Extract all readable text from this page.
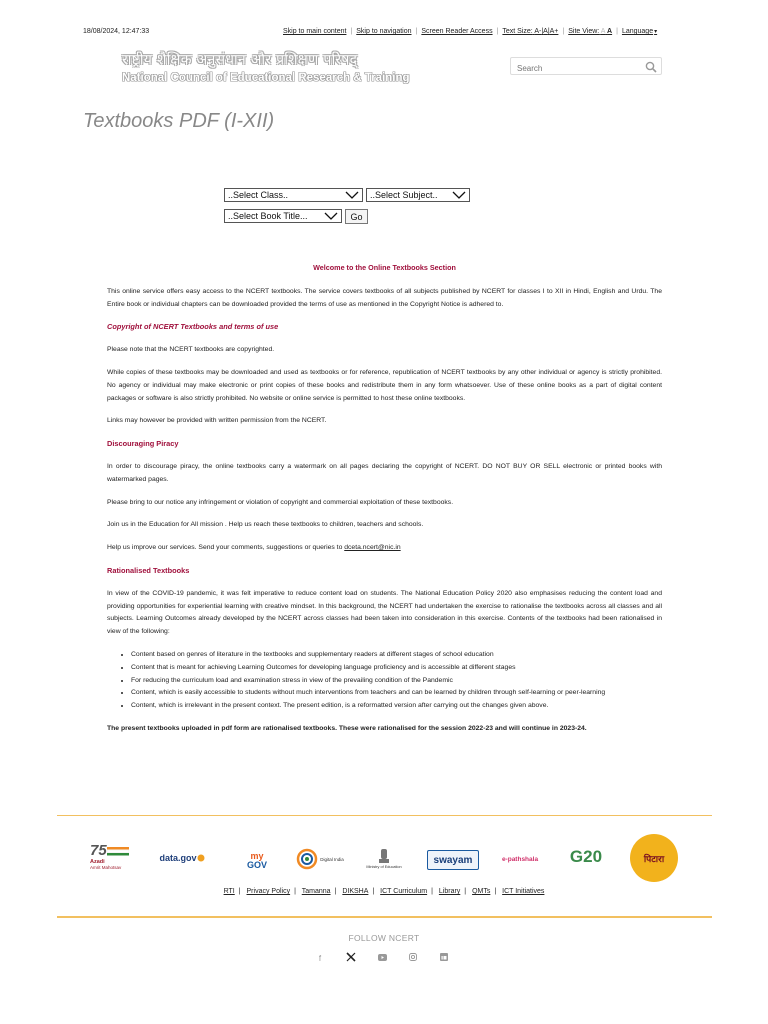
18/08/2024, 12:47:33	Skip to main content | Skip to navigation | Screen Reader Access | Text Size: A-|A|A+ | Site View: A A | Language▾
राष्ट्रीय शैक्षिक अनुसंधान और प्रशिक्षण परिषद्
National Council of Educational Research & Training
Search
Textbooks PDF (I-XII)
..Select Class..	..Select Subject..
..Select Book Title...	Go
Welcome to the Online Textbooks Section

This online service offers easy access to the NCERT textbooks. The service covers textbooks of all subjects published by NCERT for classes I to XII in Hindi, English and Urdu. The Entire book or individual chapters can be downloaded provided the terms of use as mentioned in the Copyright Notice is adhered to.

Copyright of NCERT Textbooks and terms of use

Please note that the NCERT textbooks are copyrighted.

While copies of these textbooks may be downloaded and used as textbooks or for reference, republication of NCERT textbooks by any other individual or agency is strictly prohibited. No agency or individual may make electronic or print copies of these books and redistribute them in any form whatsoever. Use of these online books as a part of digital content packages or software is also strictly prohibited. No website or online service is permitted to host these online textbooks.

Links may however be provided with written permission from the NCERT.

Discouraging Piracy

In order to discourage piracy, the online textbooks carry a watermark on all pages declaring the copyright of NCERT. DO NOT BUY OR SELL electronic or printed books with watermarked pages.

Please bring to our notice any infringement or violation of copyright and commercial exploitation of these textbooks.

Join us in the Education for All mission . Help us reach these textbooks to children, teachers and schools.

Help us improve our services. Send your comments, suggestions or queries to dceta.ncert@nic.in

Rationalised Textbooks

In view of the COVID-19 pandemic, it was felt imperative to reduce content load on students. The National Education Policy 2020 also emphasises reducing the content load and providing opportunities for experiential learning with creative mindset. In this background, the NCERT had undertaken the exercise to rationalise the textbooks across all classes and all subjects. Learning Outcomes already developed by the NCERT across classes had been taken into consideration in this exercise. Contents of the textbooks had been rationalised in view of the following:

• Content based on genres of literature in the textbooks and supplementary readers at different stages of school education
• Content that is meant for achieving Learning Outcomes for developing language proficiency and is accessible at different stages
• For reducing the curriculum load and examination stress in view of the prevailing condition of the Pandemic
• Content, which is easily accessible to students without much interventions from teachers and can be learned by children through self-learning or peer-learning
• Content, which is irrelevant in the present context. The present edition, is a reformatted version after carrying out the changes given above.

The present textbooks uploaded in pdf form are rationalised textbooks. These were rationalised for the session 2022-23 and will continue in 2023-24.

75
Azadi
Amrit Mahotsav
data.gov	my
GOV
Digital India
Ministry of Education
swayam	e-pathshala G20	पिटारा
RTI | Privacy Policy | Tamanna | DIKSHA | ICT Curriculum | Library | QMTs | ICT Initiatives
FOLLOW NCERT
f
